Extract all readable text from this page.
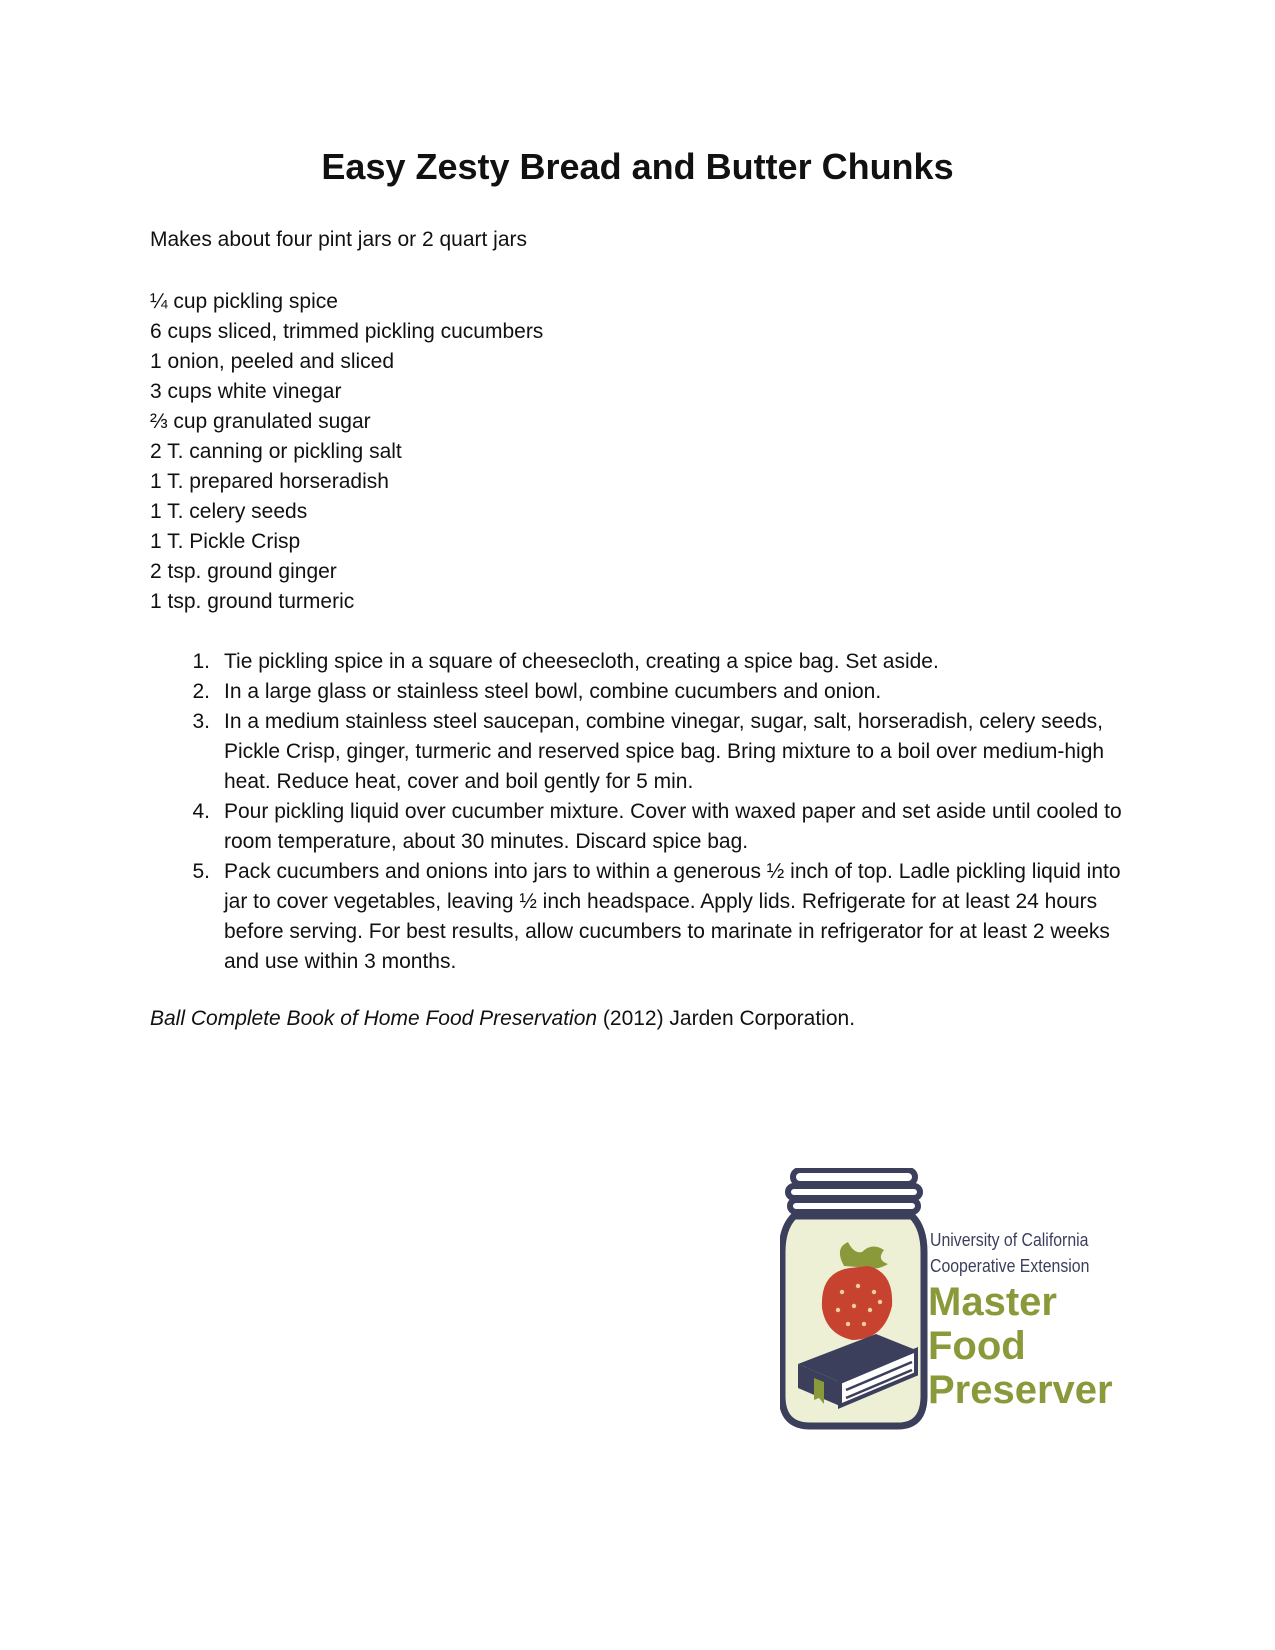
Easy Zesty Bread and Butter Chunks

Makes about four pint jars or 2 quart jars

¼ cup pickling spice
6 cups sliced, trimmed pickling cucumbers
1 onion, peeled and sliced
3 cups white vinegar
⅔ cup granulated sugar
2 T. canning or pickling salt
1 T. prepared horseradish
1 T. celery seeds
1 T. Pickle Crisp
2 tsp. ground ginger
1 tsp. ground turmeric
1. Tie pickling spice in a square of cheesecloth, creating a spice bag. Set aside.
2. In a large glass or stainless steel bowl, combine cucumbers and onion.
3. In a medium stainless steel saucepan, combine vinegar, sugar, salt, horseradish, celery seeds, Pickle Crisp, ginger, turmeric and reserved spice bag. Bring mixture to a boil over medium-high heat. Reduce heat, cover and boil gently for 5 min.
4. Pour pickling liquid over cucumber mixture. Cover with waxed paper and set aside until cooled to room temperature, about 30 minutes. Discard spice bag.
5. Pack cucumbers and onions into jars to within a generous ½ inch of top. Ladle pickling liquid into jar to cover vegetables, leaving ½ inch headspace. Apply lids. Refrigerate for at least 24 hours before serving. For best results, allow cucumbers to marinate in refrigerator for at least 2 weeks and use within 3 months.

Ball Complete Book of Home Food Preservation (2012) Jarden Corporation.

University of California
Cooperative Extension
Master
Food
Preserver
